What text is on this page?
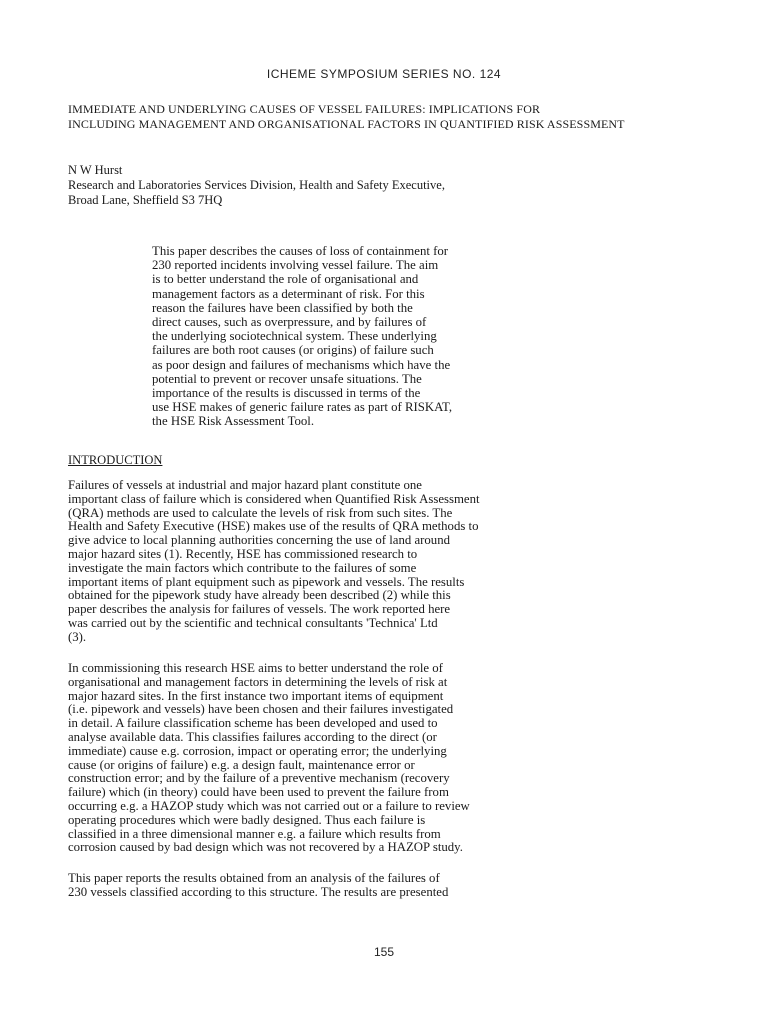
ICHEME SYMPOSIUM SERIES NO. 124
IMMEDIATE AND UNDERLYING CAUSES OF VESSEL FAILURES: IMPLICATIONS FOR
INCLUDING MANAGEMENT AND ORGANISATIONAL FACTORS IN QUANTIFIED RISK ASSESSMENT
N W Hurst
Research and Laboratories Services Division, Health and Safety Executive,
Broad Lane, Sheffield S3 7HQ
This paper describes the causes of loss of containment for
230 reported incidents involving vessel failure. The aim
is to better understand the role of organisational and
management factors as a determinant of risk. For this
reason the failures have been classified by both the
direct causes, such as overpressure, and by failures of
the underlying sociotechnical system. These underlying
failures are both root causes (or origins) of failure such
as poor design and failures of mechanisms which have the
potential to prevent or recover unsafe situations. The
importance of the results is discussed in terms of the
use HSE makes of generic failure rates as part of RISKAT,
the HSE Risk Assessment Tool.
INTRODUCTION
Failures of vessels at industrial and major hazard plant constitute one
important class of failure which is considered when Quantified Risk Assessment
(QRA) methods are used to calculate the levels of risk from such sites. The
Health and Safety Executive (HSE) makes use of the results of QRA methods to
give advice to local planning authorities concerning the use of land around
major hazard sites (1). Recently, HSE has commissioned research to
investigate the main factors which contribute to the failures of some
important items of plant equipment such as pipework and vessels. The results
obtained for the pipework study have already been described (2) while this
paper describes the analysis for failures of vessels. The work reported here
was carried out by the scientific and technical consultants 'Technica' Ltd
(3).
In commissioning this research HSE aims to better understand the role of
organisational and management factors in determining the levels of risk at
major hazard sites. In the first instance two important items of equipment
(i.e. pipework and vessels) have been chosen and their failures investigated
in detail. A failure classification scheme has been developed and used to
analyse available data. This classifies failures according to the direct (or
immediate) cause e.g. corrosion, impact or operating error; the underlying
cause (or origins of failure) e.g. a design fault, maintenance error or
construction error; and by the failure of a preventive mechanism (recovery
failure) which (in theory) could have been used to prevent the failure from
occurring e.g. a HAZOP study which was not carried out or a failure to review
operating procedures which were badly designed. Thus each failure is
classified in a three dimensional manner e.g. a failure which results from
corrosion caused by bad design which was not recovered by a HAZOP study.
This paper reports the results obtained from an analysis of the failures of
230 vessels classified according to this structure. The results are presented
155
